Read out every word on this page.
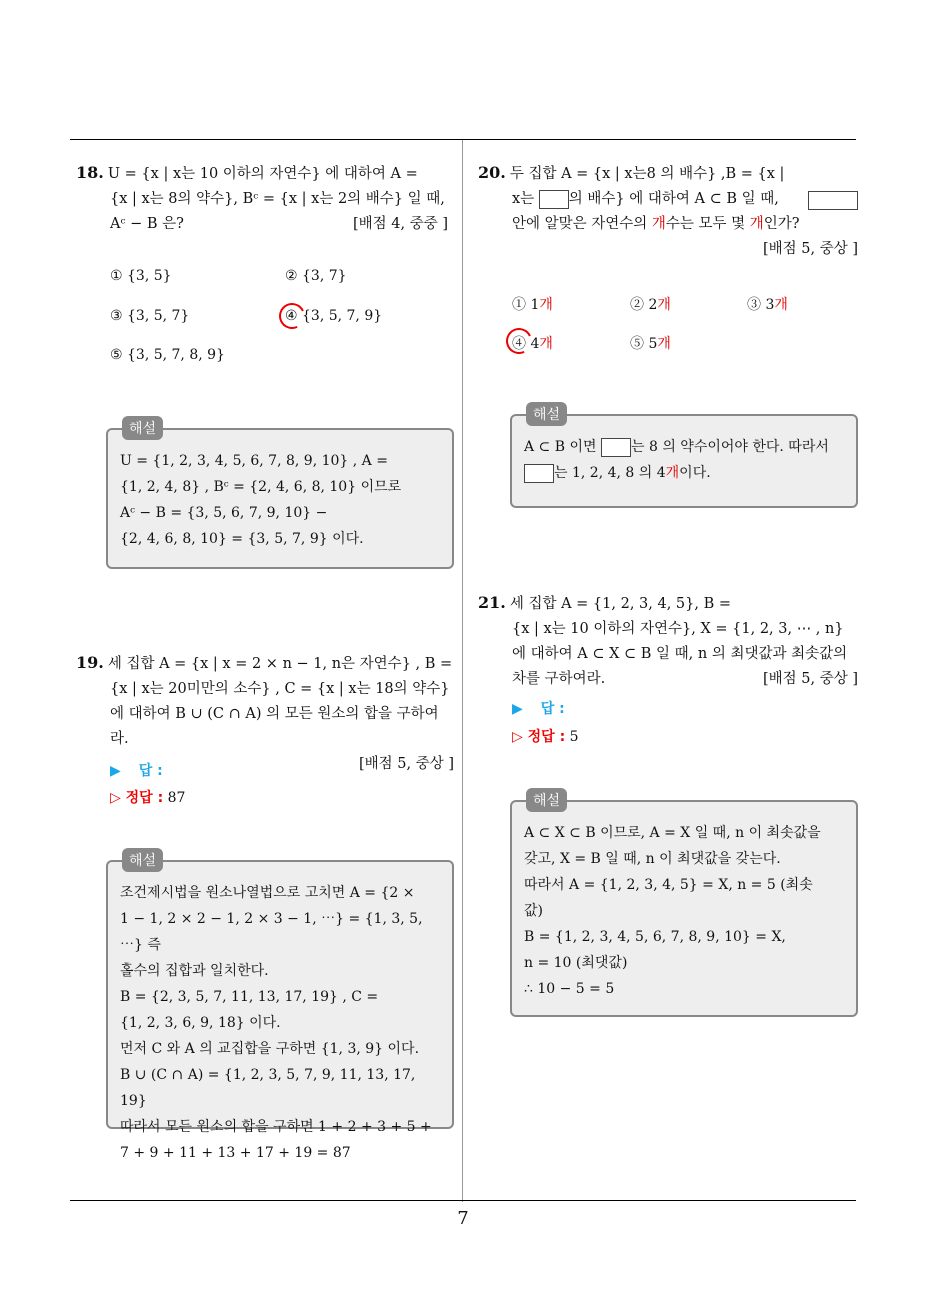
18. U = {x | x는 10 이하의 자연수} 에 대하여 A =
{x | x는 8의 약수}, Bᶜ = {x | x는 2의 배수} 일 때,
Aᶜ − B 은?	[배점 4, 중중 ]
① {3, 5}	② {3, 7}
③ {3, 5, 7}	④ {3, 5, 7, 9}
⑤ {3, 5, 7, 8, 9}
해설
U = {1, 2, 3, 4, 5, 6, 7, 8, 9, 10} , A =
{1, 2, 4, 8} , Bᶜ = {2, 4, 6, 8, 10} 이므로
Aᶜ − B = {3, 5, 6, 7, 9, 10} −
{2, 4, 6, 8, 10} = {3, 5, 7, 9} 이다.
19. 세 집합 A = {x | x = 2 × n − 1, n은 자연수} , B =
{x | x는 20미만의 소수} , C = {x | x는 18의 약수}
에 대하여 B ∪ (C ∩ A) 의 모든 원소의 합을 구하여라.
[배점 5, 중상 ]
▶ 답 :
▷ 정답 : 87
해설
조건제시법을 원소나열법으로 고치면 A = {2 ×
1 − 1, 2 × 2 − 1, 2 × 3 − 1, ⋯} = {1, 3, 5, ⋯} 즉
홀수의 집합과 일치한다.
B = {2, 3, 5, 7, 11, 13, 17, 19} , C =
{1, 2, 3, 6, 9, 18} 이다.
먼저 C 와 A 의 교집합을 구하면 {1, 3, 9} 이다.
B ∪ (C ∩ A) = {1, 2, 3, 5, 7, 9, 11, 13, 17, 19}
따라서 모든 원소의 합을 구하면 1 + 2 + 3 + 5 +
7 + 9 + 11 + 13 + 17 + 19 = 87
20. 두 집합 A = {x | x는8 의 배수} ,B = {x |
x는 의 배수} 에 대하여 A ⊂ B 일 때,
안에 알맞은 자연수의 개수는 모두 몇 개인가?
[배점 5, 중상 ]
① 1개	② 2개	③ 3개
④ 4개	⑤ 5개
해설
A ⊂ B 이면 는 8 의 약수이어야 한다. 따라서
는 1, 2, 4, 8 의 4개이다.
21. 세 집합 A = {1, 2, 3, 4, 5}, B =
{x | x는 10 이하의 자연수}, X = {1, 2, 3, ⋯ , n}
에 대하여 A ⊂ X ⊂ B 일 때, n 의 최댓값과 최솟값의
차를 구하여라.	[배점 5, 중상 ]
▶ 답 :
▷ 정답 : 5
해설
A ⊂ X ⊂ B 이므로, A = X 일 때, n 이 최솟값을
갖고, X = B 일 때, n 이 최댓값을 갖는다.
따라서 A = {1, 2, 3, 4, 5} = X, n = 5 (최솟
값)
B = {1, 2, 3, 4, 5, 6, 7, 8, 9, 10} = X,
n = 10 (최댓값)
∴ 10 − 5 = 5
7
